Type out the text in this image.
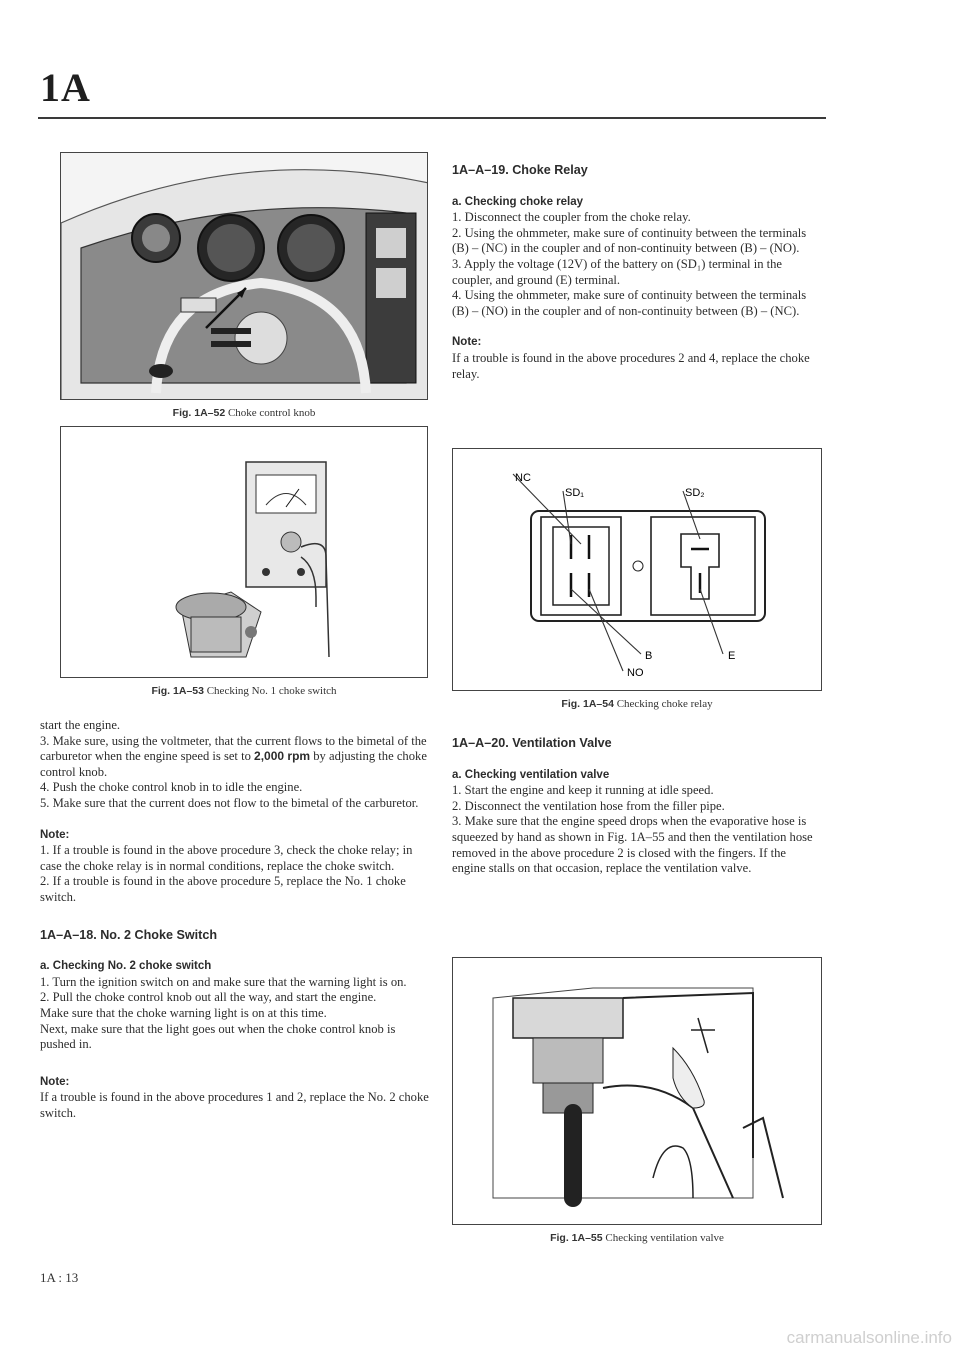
1A
Fig. 1A–52 Choke control knob
Fig. 1A–53 Checking No. 1 choke switch

start the engine.

3. Make sure, using the voltmeter, that the current flows to the bimetal of the carburetor when the engine speed is set to 2,000 rpm by adjusting the choke control knob.

4. Push the choke control knob in to idle the engine.

5. Make sure that the current does not flow to the bimetal of the carburetor.

Note:

1. If a trouble is found in the above procedure 3, check the choke relay; in case the choke relay is in normal conditions, replace the choke switch.

2. If a trouble is found in the above procedure 5, replace the No. 1 choke switch.

1A–A–18. No. 2 Choke Switch

a. Checking No. 2 choke switch

1. Turn the ignition switch on and make sure that the warning light is on.

2. Pull the choke control knob out all the way, and start the engine.

Make sure that the choke warning light is on at this time.

Next, make sure that the light goes out when the choke control knob is pushed in.

Note:

If a trouble is found in the above procedures 1 and 2, replace the No. 2 choke switch.

1A–A–19. Choke Relay

a. Checking choke relay

1. Disconnect the coupler from the choke relay.

2. Using the ohmmeter, make sure of continuity between the terminals (B) – (NC) in the coupler and of non-continuity between (B) – (NO).

3. Apply the voltage (12V) of the battery on (SD₁) terminal in the coupler, and ground (E) terminal.

4. Using the ohmmeter, make sure of continuity between the terminals (B) – (NO) in the coupler and of non-continuity between (B) – (NC).

Note:

If a trouble is found in the above procedures 2 and 4, replace the choke relay.

NC
SD₁	SD₂
B	E
NO
Fig. 1A–54 Checking choke relay

1A–A–20. Ventilation Valve

a. Checking ventilation valve

1. Start the engine and keep it running at idle speed.

2. Disconnect the ventilation hose from the filler pipe.

3. Make sure that the engine speed drops when the evaporative hose is squeezed by hand as shown in Fig. 1A–55 and then the ventilation hose removed in the above procedure 2 is closed with the fingers. If the engine stalls on that occasion, replace the ventilation valve.

Fig. 1A–55 Checking ventilation valve
1A : 13
carmanualsonline.info
